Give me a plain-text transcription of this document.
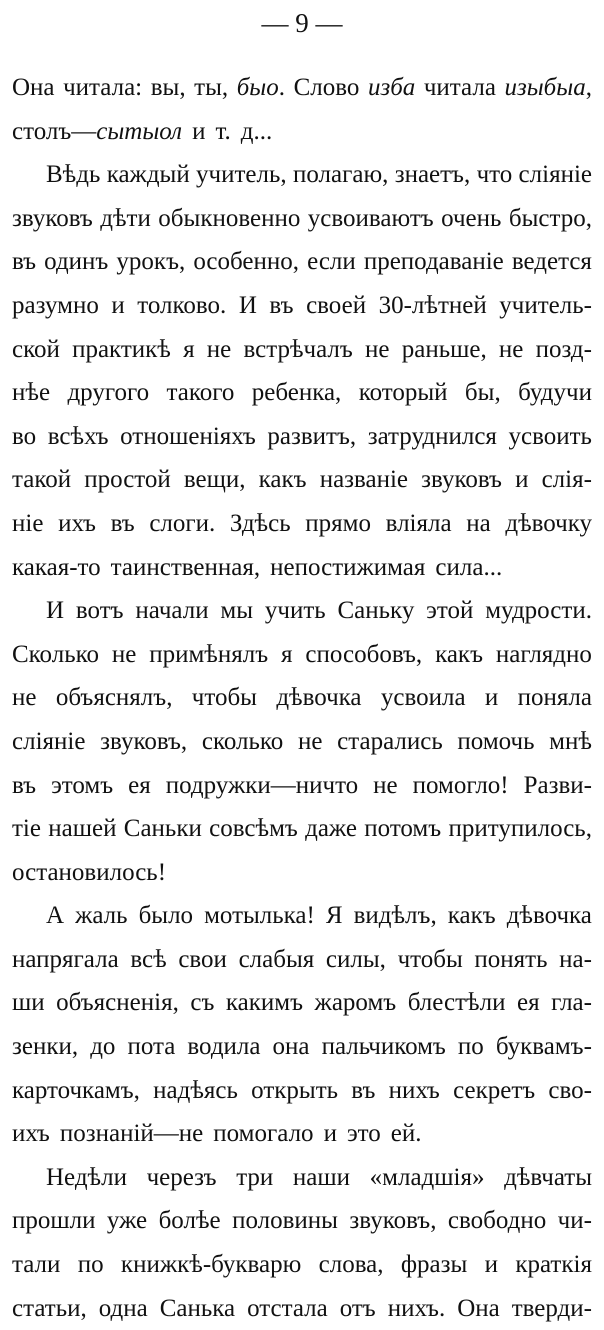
— 9 —
Она читала: вы, ты, быо. Слово изба читала изыбыа,
столъ—сытыол и т. д...
Вѣдь каждый учитель, полагаю, знаетъ, что сліяніе
звуковъ дѣти обыкновенно усвоиваютъ очень быстро,
въ одинъ урокъ, особенно, если преподаваніе ведется
разумно и толково. И въ своей 30-лѣтней учитель-
ской практикѣ я не встрѣчалъ не раньше, не позд-
нѣе другого такого ребенка, который бы, будучи
во всѣхъ отношеніяхъ развитъ, затруднился усвоить
такой простой вещи, какъ названіе звуковъ и слія-
ніе ихъ въ слоги. Здѣсь прямо вліяла на дѣвочку
какая-то таинственная, непостижимая сила...
И вотъ начали мы учить Саньку этой мудрости.
Сколько не примѣнялъ я способовъ, какъ наглядно
не объяснялъ, чтобы дѣвочка усвоила и поняла
сліяніе звуковъ, сколько не старались помочь мнѣ
въ этомъ ея подружки—ничто не помогло! Разви-
тіе нашей Саньки совсѣмъ даже потомъ притупилось,
остановилось!
А жаль было мотылька! Я видѣлъ, какъ дѣвочка
напрягала всѣ свои слабыя силы, чтобы понять на-
ши объясненія, съ какимъ жаромъ блестѣли ея гла-
зенки, до пота водила она пальчикомъ по буквамъ-
карточкамъ, надѣясь открыть въ нихъ секретъ сво-
ихъ познаній—не помогало и это ей.
Недѣли черезъ три наши «младшія» дѣвчаты
прошли уже болѣе половины звуковъ, свободно чи-
тали по книжкѣ-букварю слова, фразы и краткія
статьи, одна Санька отстала отъ нихъ. Она тверди-
